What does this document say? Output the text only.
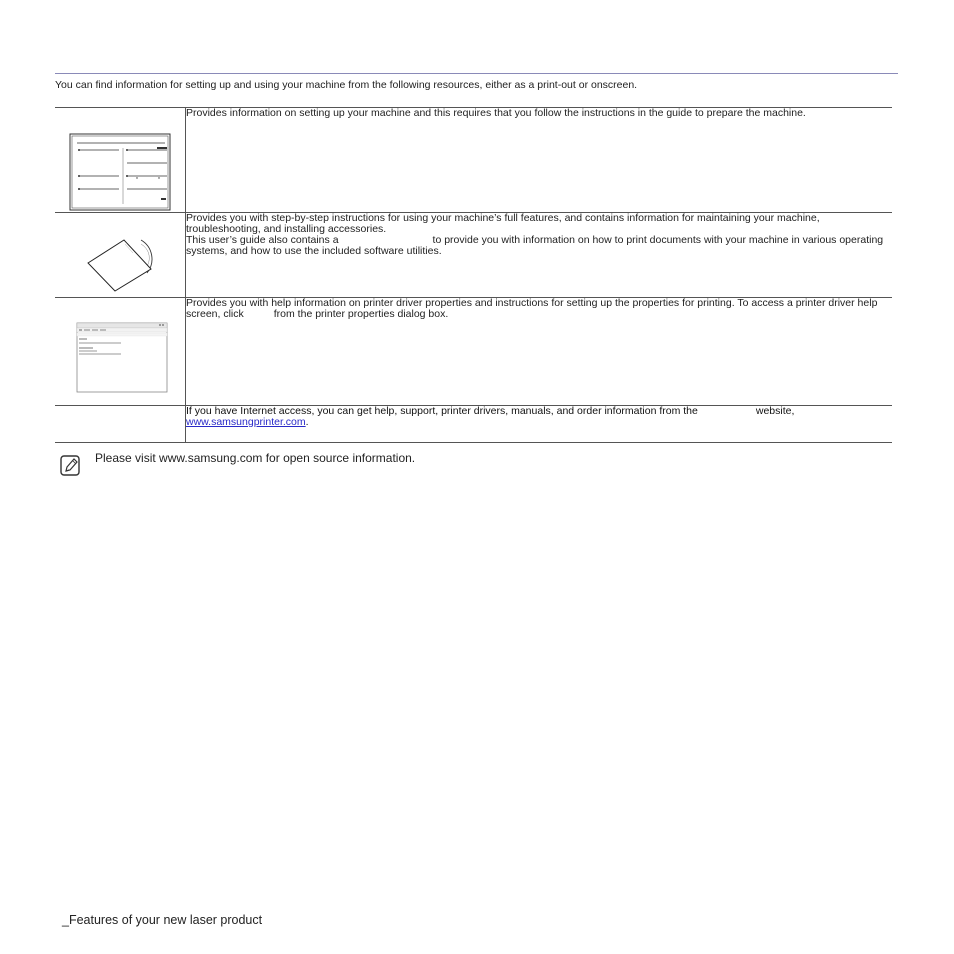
You can find information for setting up and using your machine from the following resources, either as a print-out or onscreen.

Provides information on setting up your machine and this requires that you follow the instructions in the guide to prepare the machine.

Provides you with step-by-step instructions for using your machine’s full features, and contains information for maintaining your machine, troubleshooting, and installing accessories.

This user’s guide also contains a to provide you with information on how to print documents with your machine in various operating systems, and how to use the included software utilities.

Provides you with help information on printer driver properties and instructions for setting up the properties for printing. To access a printer driver help screen, click from the printer properties dialog box.

	If you have Internet access, you can get help, support, printer drivers, manuals, and order information from the website,
www.samsungprinter.com.

Please visit www.samsung.com for open source information.
_Features of your new laser product
